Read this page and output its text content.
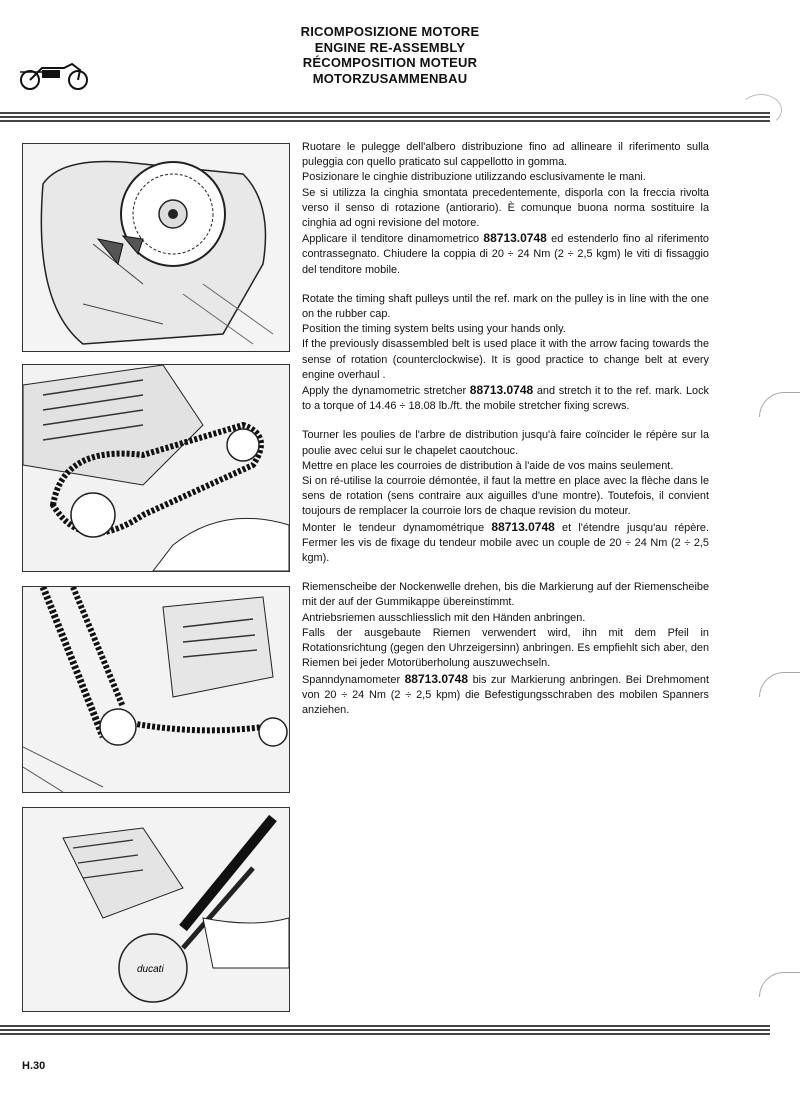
RICOMPOSIZIONE MOTORE
ENGINE RE-ASSEMBLY
RÉCOMPOSITION MOTEUR
MOTORZUSAMMENBAU
ducati

Ruotare le pulegge dell'albero distribuzione fino ad allineare il riferimento sulla puleggia con quello praticato sul cappellotto in gomma.
Posizionare le cinghie distribuzione utilizzando esclusivamente le mani.
Se si utilizza la cinghia smontata precedentemente, disporla con la freccia rivolta verso il senso di rotazione (antiorario). È comunque buona norma sostituire la cinghia ad ogni revisione del motore.
Applicare il tenditore dinamometrico 88713.0748 ed estenderlo fino al riferimento contrassegnato. Chiudere la coppia di 20 ÷ 24 Nm (2 ÷ 2,5 kgm) le viti di fissaggio del tenditore mobile.

Rotate the timing shaft pulleys until the ref. mark on the pulley is in line with the one on the rubber cap.
Position the timing system belts using your hands only.
If the previously disassembled belt is used place it with the arrow facing towards the sense of rotation (counterclockwise). It is good practice to change belt at every engine overhaul .
Apply the dynamometric stretcher 88713.0748 and stretch it to the ref. mark. Lock to a torque of 14.46 ÷ 18.08 lb./ft. the mobile stretcher fixing screws.

Tourner les poulies de l'arbre de distribution jusqu'à faire coïncider le répère sur la poulie avec celui sur le chapelet caoutchouc.
Mettre en place les courroies de distribution à l'aide de vos mains seulement.
Si on ré-utilise la courroie démontée, il faut la mettre en place avec la flèche dans le sens de rotation (sens contraire aux aiguilles d'une montre). Toutefois, il convient toujours de remplacer la courroie lors de chaque revision du moteur.
Monter le tendeur dynamométrique 88713.0748 et l'étendre jusqu'au répère. Fermer les vis de fixage du tendeur mobile avec un couple de 20 ÷ 24 Nm (2 ÷ 2,5 kgm).

Riemenscheibe der Nockenwelle drehen, bis die Markierung auf der Riemenscheibe mit der auf der Gummikappe übereinstimmt.
Antriebsriemen ausschliesslich mit den Händen anbringen.
Falls der ausgebaute Riemen verwendert wird, ihn mit dem Pfeil in Rotationsrichtung (gegen den Uhrzeigersinn) anbringen. Es empfiehlt sich aber, den Riemen bei jeder Motorüberholung auszuwechseln.
Spanndynamometer 88713.0748 bis zur Markierung anbringen. Bei Drehmoment von 20 ÷ 24 Nm (2 ÷ 2,5 kpm) die Befestigungsschraben des mobilen Spanners anziehen.

H.30
